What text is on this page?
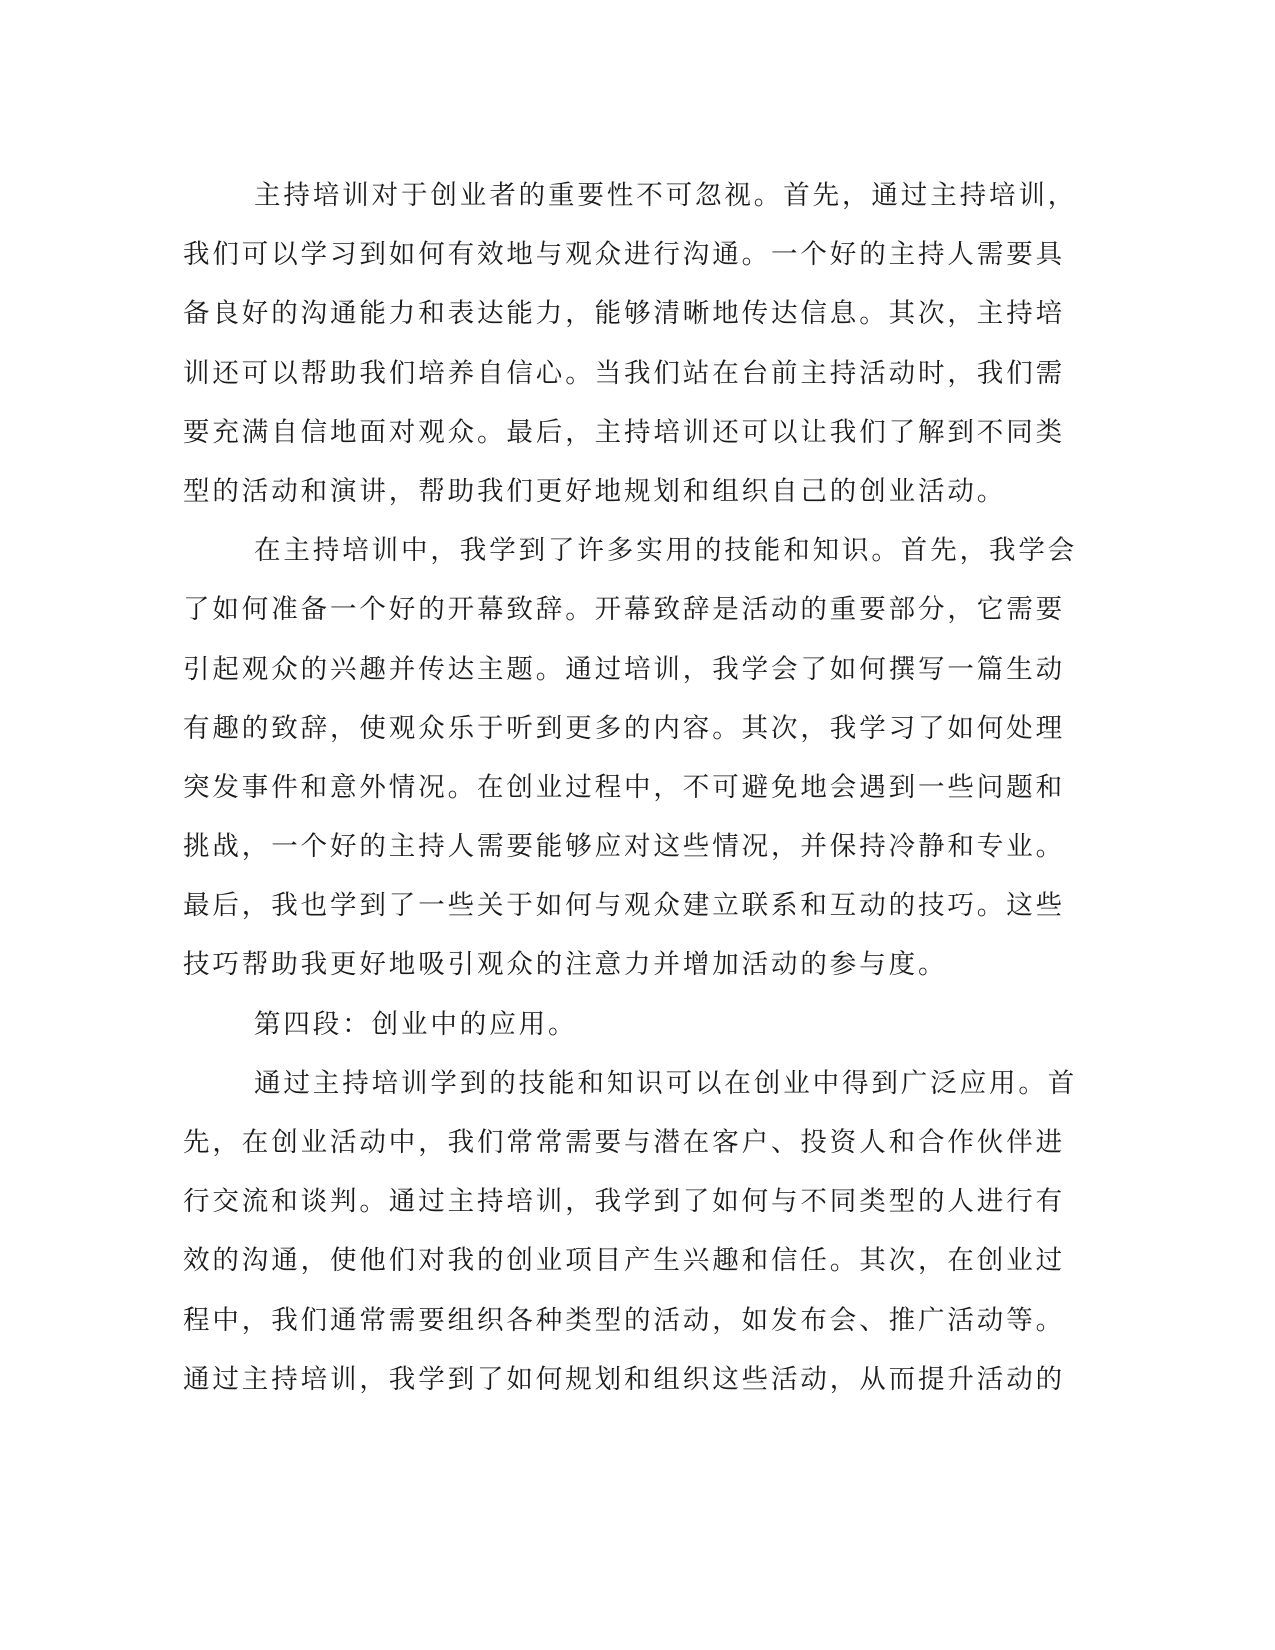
主持培训对于创业者的重要性不可忽视。首先，通过主持培训，
我们可以学习到如何有效地与观众进行沟通。一个好的主持人需要具
备良好的沟通能力和表达能力，能够清晰地传达信息。其次，主持培
训还可以帮助我们培养自信心。当我们站在台前主持活动时，我们需
要充满自信地面对观众。最后，主持培训还可以让我们了解到不同类
型的活动和演讲，帮助我们更好地规划和组织自己的创业活动。
在主持培训中，我学到了许多实用的技能和知识。首先，我学会
了如何准备一个好的开幕致辞。开幕致辞是活动的重要部分，它需要
引起观众的兴趣并传达主题。通过培训，我学会了如何撰写一篇生动
有趣的致辞，使观众乐于听到更多的内容。其次，我学习了如何处理
突发事件和意外情况。在创业过程中，不可避免地会遇到一些问题和
挑战，一个好的主持人需要能够应对这些情况，并保持冷静和专业。
最后，我也学到了一些关于如何与观众建立联系和互动的技巧。这些
技巧帮助我更好地吸引观众的注意力并增加活动的参与度。
第四段：创业中的应用。
通过主持培训学到的技能和知识可以在创业中得到广泛应用。首
先，在创业活动中，我们常常需要与潜在客户、投资人和合作伙伴进
行交流和谈判。通过主持培训，我学到了如何与不同类型的人进行有
效的沟通，使他们对我的创业项目产生兴趣和信任。其次，在创业过
程中，我们通常需要组织各种类型的活动，如发布会、推广活动等。
通过主持培训，我学到了如何规划和组织这些活动，从而提升活动的
